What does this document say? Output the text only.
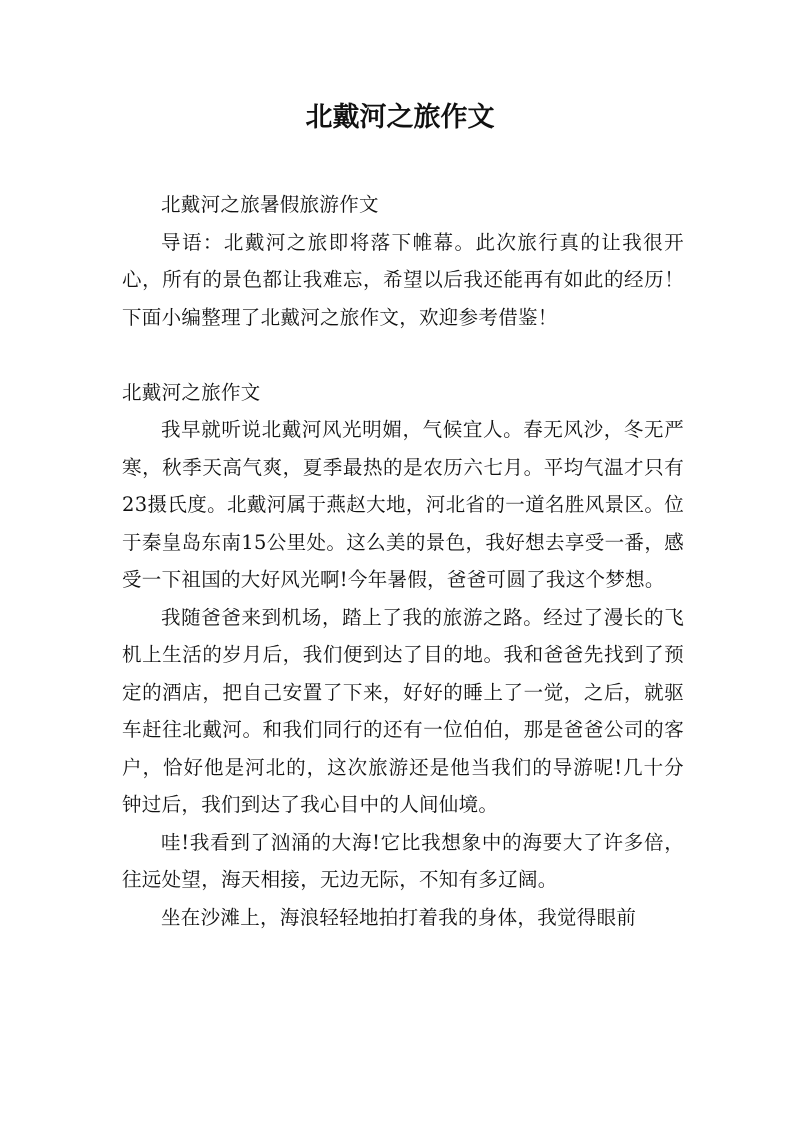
北戴河之旅作文

北戴河之旅暑假旅游作文

导语：北戴河之旅即将落下帷幕。此次旅行真的让我很开心，所有的景色都让我难忘，希望以后我还能再有如此的经历！下面小编整理了北戴河之旅作文，欢迎参考借鉴！

北戴河之旅作文

我早就听说北戴河风光明媚，气候宜人。春无风沙，冬无严寒，秋季天高气爽，夏季最热的是农历六七月。平均气温才只有23摄氏度。北戴河属于燕赵大地，河北省的一道名胜风景区。位于秦皇岛东南15公里处。这么美的景色，我好想去享受一番，感受一下祖国的大好风光啊!今年暑假，爸爸可圆了我这个梦想。

我随爸爸来到机场，踏上了我的旅游之路。经过了漫长的飞机上生活的岁月后，我们便到达了目的地。我和爸爸先找到了预定的酒店，把自己安置了下来，好好的睡上了一觉，之后，就驱车赶往北戴河。和我们同行的还有一位伯伯，那是爸爸公司的客户，恰好他是河北的，这次旅游还是他当我们的导游呢!几十分钟过后，我们到达了我心目中的人间仙境。

哇!我看到了汹涌的大海!它比我想象中的海要大了许多倍，往远处望，海天相接，无边无际，不知有多辽阔。

坐在沙滩上，海浪轻轻地拍打着我的身体，我觉得眼前
